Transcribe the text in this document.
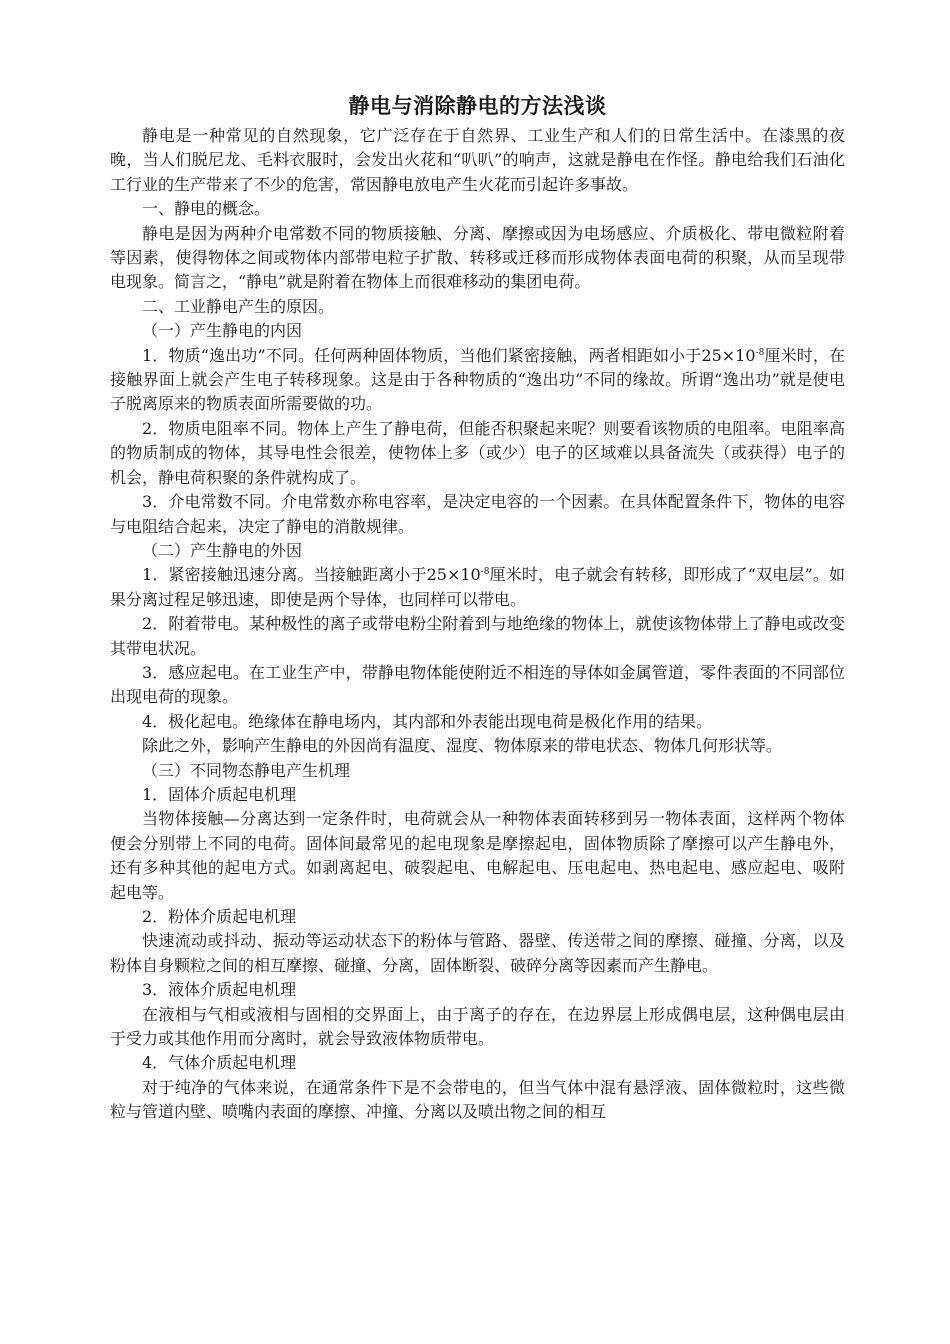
静电与消除静电的方法浅谈

静电是一种常见的自然现象，它广泛存在于自然界、工业生产和人们的日常生活中。在漆黑的夜晚，当人们脱尼龙、毛料衣服时，会发出火花和“叭叭”的响声，这就是静电在作怪。静电给我们石油化工行业的生产带来了不少的危害，常因静电放电产生火花而引起许多事故。

一、静电的概念。

静电是因为两种介电常数不同的物质接触、分离、摩擦或因为电场感应、介质极化、带电微粒附着等因素，使得物体之间或物体内部带电粒子扩散、转移或迁移而形成物体表面电荷的积聚，从而呈现带电现象。简言之，“静电”就是附着在物体上而很难移动的集团电荷。

二、工业静电产生的原因。

（一）产生静电的内因

1．物质“逸出功”不同。任何两种固体物质，当他们紧密接触，两者相距如小于$25\times 10^{-8}$厘米时，在接触界面上就会产生电子转移现象。这是由于各种物质的“逸出功”不同的缘故。所谓“逸出功”就是使电子脱离原来的物质表面所需要做的功。

2．物质电阻率不同。物体上产生了静电荷，但能否积聚起来呢？则要看该物质的电阻率。电阻率高的物质制成的物体，其导电性会很差，使物体上多（或少）电子的区域难以具备流失（或获得）电子的机会，静电荷积聚的条件就构成了。

3．介电常数不同。介电常数亦称电容率，是决定电容的一个因素。在具体配置条件下，物体的电容与电阻结合起来，决定了静电的消散规律。

（二）产生静电的外因

1．紧密接触迅速分离。当接触距离小于$25\times 10^{-8}$厘米时，电子就会有转移，即形成了“双电层”。如果分离过程足够迅速，即使是两个导体，也同样可以带电。

2．附着带电。某种极性的离子或带电粉尘附着到与地绝缘的物体上，就使该物体带上了静电或改变其带电状况。

3．感应起电。在工业生产中，带静电物体能使附近不相连的导体如金属管道，零件表面的不同部位出现电荷的现象。

4．极化起电。绝缘体在静电场内，其内部和外表能出现电荷是极化作用的结果。

除此之外，影响产生静电的外因尚有温度、湿度、物体原来的带电状态、物体几何形状等。

（三）不同物态静电产生机理

1．固体介质起电机理

当物体接触—分离达到一定条件时，电荷就会从一种物体表面转移到另一物体表面，这样两个物体便会分别带上不同的电荷。固体间最常见的起电现象是摩擦起电，固体物质除了摩擦可以产生静电外，还有多种其他的起电方式。如剥离起电、破裂起电、电解起电、压电起电、热电起电、感应起电、吸附起电等。

2．粉体介质起电机理

快速流动或抖动、振动等运动状态下的粉体与管路、器壁、传送带之间的摩擦、碰撞、分离，以及粉体自身颗粒之间的相互摩擦、碰撞、分离，固体断裂、破碎分离等因素而产生静电。

3．液体介质起电机理

在液相与气相或液相与固相的交界面上，由于离子的存在，在边界层上形成偶电层，这种偶电层由于受力或其他作用而分离时，就会导致液体物质带电。

4．气体介质起电机理

对于纯净的气体来说，在通常条件下是不会带电的，但当气体中混有悬浮液、固体微粒时，这些微粒与管道内壁、喷嘴内表面的摩擦、冲撞、分离以及喷出物之间的相互
